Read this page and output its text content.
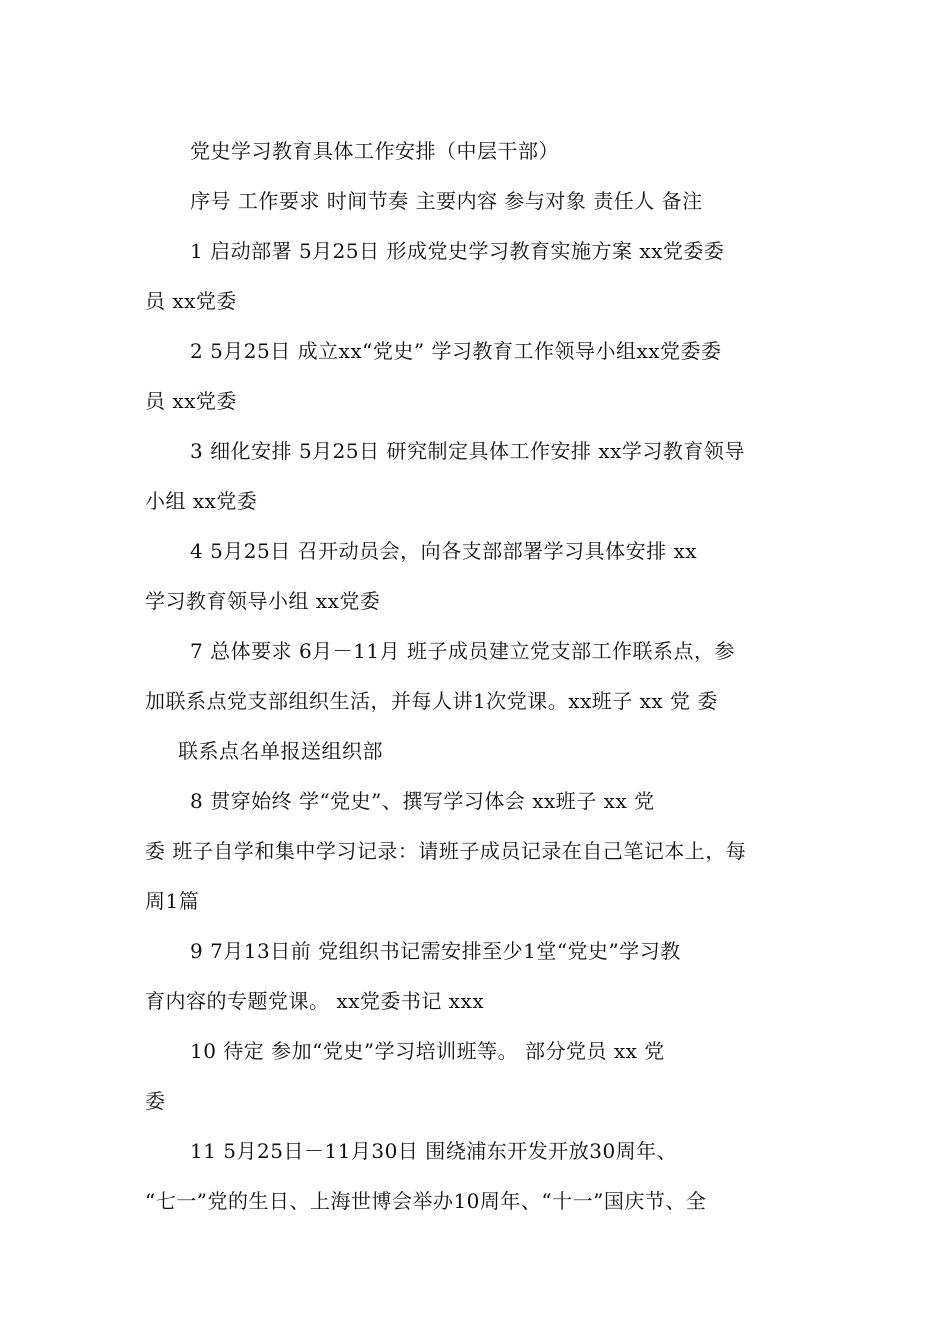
党史学习教育具体工作安排（中层干部）
序号 工作要求 时间节奏 主要内容 参与对象 责任人 备注
1 启动部署 5月25日 形成党史学习教育实施方案 xx党委委
员 xx党委
2 5月25日 成立xx“党史” 学习教育工作领导小组xx党委委
员 xx党委
3 细化安排 5月25日 研究制定具体工作安排 xx学习教育领导
小组 xx党委
4 5月25日 召开动员会，向各支部部署学习具体安排 xx
学习教育领导小组 xx党委
7 总体要求 6月－11月 班子成员建立党支部工作联系点，参
加联系点党支部组织生活，并每人讲1次党课。xx班子 xx 党 委
联系点名单报送组织部
8 贯穿始终 学“党史”、撰写学习体会 xx班子 xx 党
委 班子自学和集中学习记录：请班子成员记录在自己笔记本上，每
周1篇
9 7月13日前 党组织书记需安排至少1堂“党史”学习教
育内容的专题党课。 xx党委书记 xxx
10 待定 参加“党史”学习培训班等。 部分党员 xx 党
委
11 5月25日－11月30日 围绕浦东开发开放30周年、
“七一”党的生日、上海世博会举办10周年、“十一”国庆节、全
